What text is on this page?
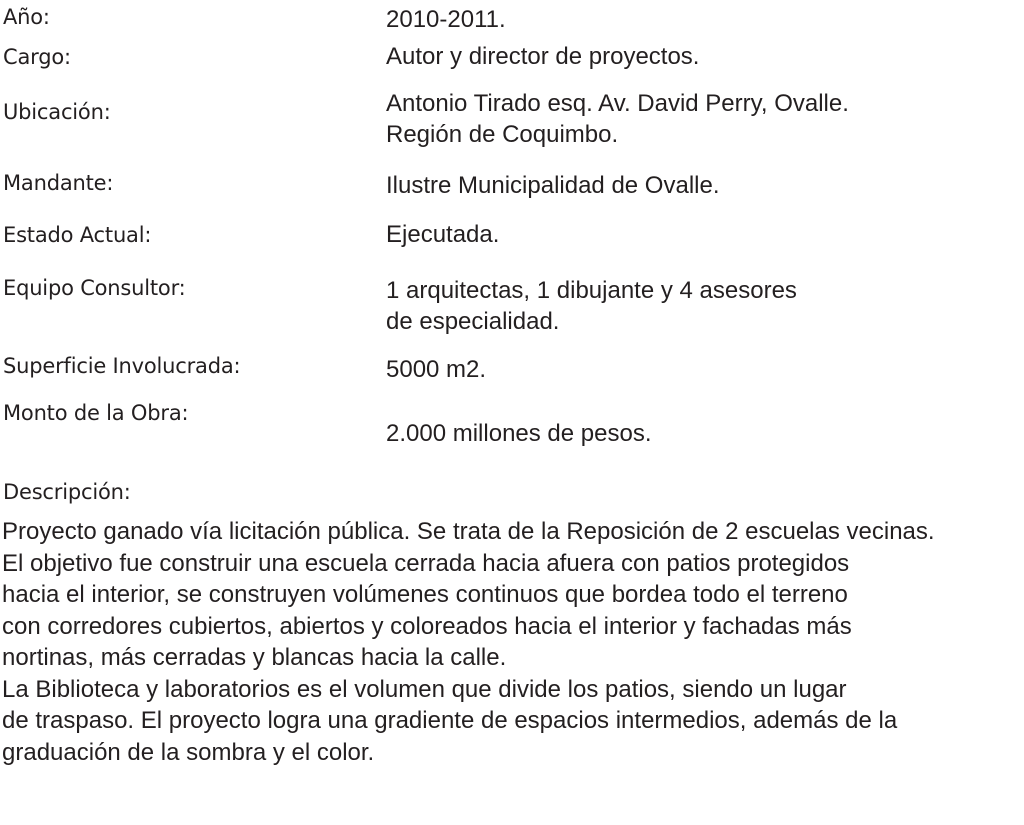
Año:	2010-2011.
Cargo:	Autor y director de proyectos.
Ubicación:	Antonio Tirado esq. Av. David Perry, Ovalle.
Región de Coquimbo.
Mandante:	Ilustre Municipalidad de Ovalle.
Estado Actual:	Ejecutada.
Equipo Consultor:	1 arquitectas, 1 dibujante y 4 asesores
de especialidad.
Superficie Involucrada:	5000 m2.
Monto de la Obra:
2.000 millones de pesos.
Descripción:
Proyecto ganado vía licitación pública. Se trata de la Reposición de 2 escuelas vecinas.
El objetivo fue construir una escuela cerrada hacia afuera con patios protegidos
hacia el interior, se construyen volúmenes continuos que bordea todo el terreno
con corredores cubiertos, abiertos y coloreados hacia el interior y fachadas más
nortinas, más cerradas y blancas hacia la calle.
La Biblioteca y laboratorios es el volumen que divide los patios, siendo un lugar
de traspaso. El proyecto logra una gradiente de espacios intermedios, además de la
graduación de la sombra y el color.
